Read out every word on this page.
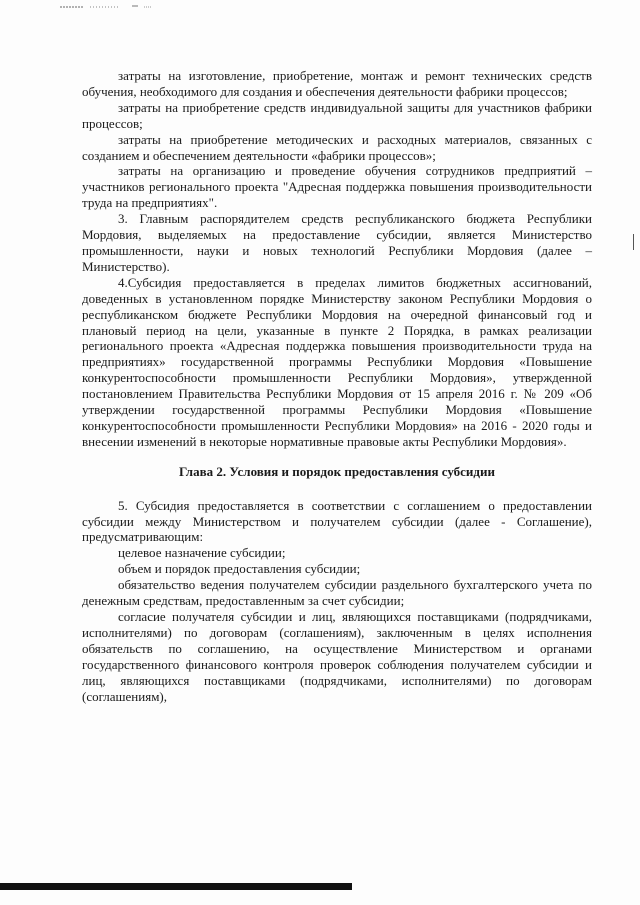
затраты на изготовление, приобретение, монтаж и ремонт технических средств обучения, необходимого для создания и обеспечения деятельности фабрики процессов;

затраты на приобретение средств индивидуальной защиты для участников фабрики процессов;

затраты на приобретение методических и расходных материалов, связанных с созданием и обеспечением деятельности «фабрики процессов»;

затраты на организацию и проведение обучения сотрудников предприятий – участников регионального проекта "Адресная поддержка повышения производительности труда на предприятиях".

3. Главным распорядителем средств республиканского бюджета Республики Мордовия, выделяемых на предоставление субсидии, является Министерство промышленности, науки и новых технологий Республики Мордовия (далее – Министерство).

4.Субсидия предоставляется в пределах лимитов бюджетных ассигнований, доведенных в установленном порядке Министерству законом Республики Мордовия о республиканском бюджете Республики Мордовия на очередной финансовый год и плановый период на цели, указанные в пункте 2 Порядка, в рамках реализации регионального проекта «Адресная поддержка повышения производительности труда на предприятиях» государственной программы Республики Мордовия «Повышение конкурентоспособности промышленности Республики Мордовия», утвержденной постановлением Правительства Республики Мордовия от 15 апреля 2016 г. № 209 «Об утверждении государственной программы Республики Мордовия «Повышение конкурентоспособности промышленности Республики Мордовия» на 2016 - 2020 годы и внесении изменений в некоторые нормативные правовые акты Республики Мордовия».

Глава 2. Условия и порядок предоставления субсидии

5. Субсидия предоставляется в соответствии с соглашением о предоставлении субсидии между Министерством и получателем субсидии (далее - Соглашение), предусматривающим:

целевое назначение субсидии;

объем и порядок предоставления субсидии;

обязательство ведения получателем субсидии раздельного бухгалтерского учета по денежным средствам, предоставленным за счет субсидии;

согласие получателя субсидии и лиц, являющихся поставщиками (подрядчиками, исполнителями) по договорам (соглашениям), заключенным в целях исполнения обязательств по соглашению, на осуществление Министерством и органами государственного финансового контроля проверок соблюдения получателем субсидии и лиц, являющихся поставщиками (подрядчиками, исполнителями) по договорам (соглашениям),
